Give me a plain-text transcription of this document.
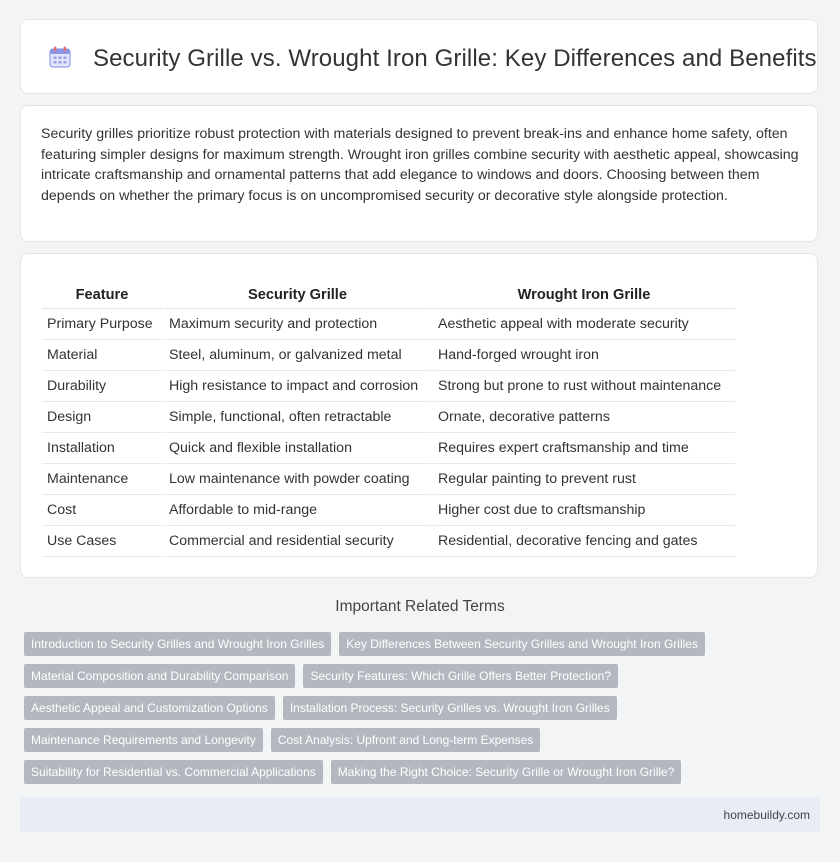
Security Grille vs. Wrought Iron Grille: Key Differences and Benefits

Security grilles prioritize robust protection with materials designed to prevent break-ins and enhance home safety, often featuring simpler designs for maximum strength. Wrought iron grilles combine security with aesthetic appeal, showcasing intricate craftsmanship and ornamental patterns that add elegance to windows and doors. Choosing between them depends on whether the primary focus is on uncompromised security or decorative style alongside protection.

Feature		Security Grille		Wrought Iron Grille
Primary Purpose		Maximum security and protection		Aesthetic appeal with moderate security
Material		Steel, aluminum, or galvanized metal		Hand-forged wrought iron
Durability		High resistance to impact and corrosion		Strong but prone to rust without maintenance
Design		Simple, functional, often retractable		Ornate, decorative patterns
Installation		Quick and flexible installation		Requires expert craftsmanship and time
Maintenance		Low maintenance with powder coating		Regular painting to prevent rust
Cost		Affordable to mid-range		Higher cost due to craftsmanship
Use Cases		Commercial and residential security		Residential, decorative fencing and gates
Important Related Terms
Introduction to Security Grilles and Wrought Iron Grilles	Key Differences Between Security Grilles and Wrought Iron Grilles
Material Composition and Durability Comparison	Security Features: Which Grille Offers Better Protection?
Aesthetic Appeal and Customization Options	Installation Process: Security Grilles vs. Wrought Iron Grilles
Maintenance Requirements and Longevity	Cost Analysis: Upfront and Long-term Expenses
Suitability for Residential vs. Commercial Applications	Making the Right Choice: Security Grille or Wrought Iron Grille?
homebuildy.com
